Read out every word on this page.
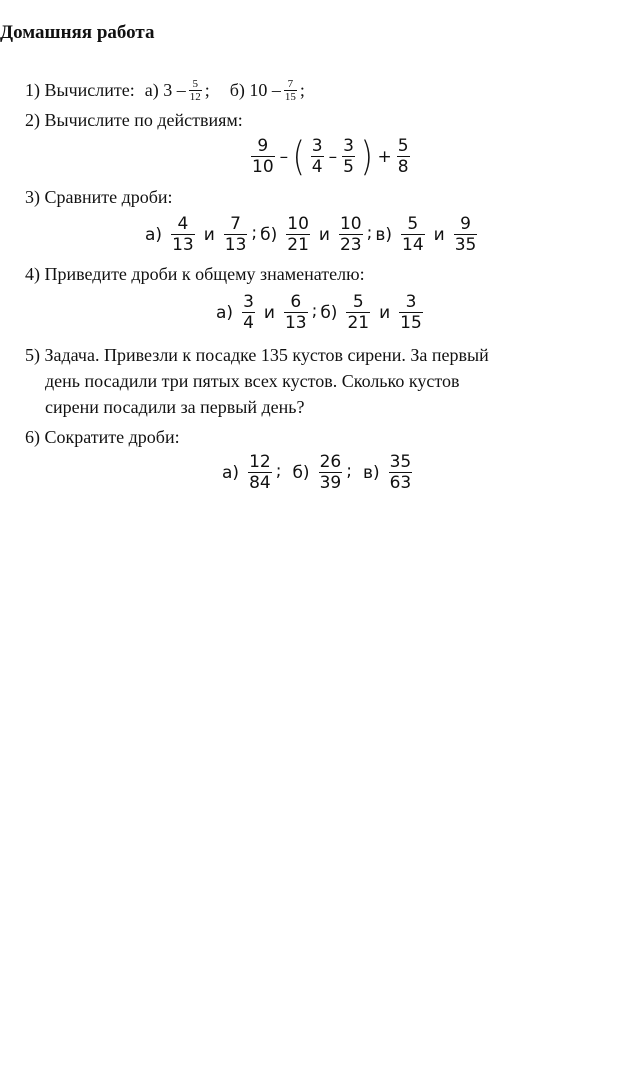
Домашняя работа
1) Вычислите: а) $3 - \frac{5}{12}$ ; б) $10 - \frac{7}{15}$ ;
2) Вычислите по действиям:
$\frac{9}{10}$ – ( $\frac{3}{4} - \frac{3}{5}$ ) + $\frac{5}{8}$
3) Сравните дроби:
$а) \frac{4}{13}$ и $\frac{7}{13}$ ; $б) \frac{10}{21}$ и $\frac{10}{23}$ ; $в) \frac{5}{14}$ и $\frac{9}{35}$
4) Приведите дроби к общему знаменателю:
$а) \frac{3}{4}$ и $\frac{6}{13}$ ; $б) \frac{5}{21}$ и $\frac{3}{15}$
5) Задача. Привезли к посадке 135 кустов сирени. За первый
день посадили три пятых всех кустов. Сколько кустов
сирени посадили за первый день?
6) Сократите дроби:
$а) \frac{12}{84}$ ; $б) \frac{26}{39}$ ; $в) \frac{35}{63}$
